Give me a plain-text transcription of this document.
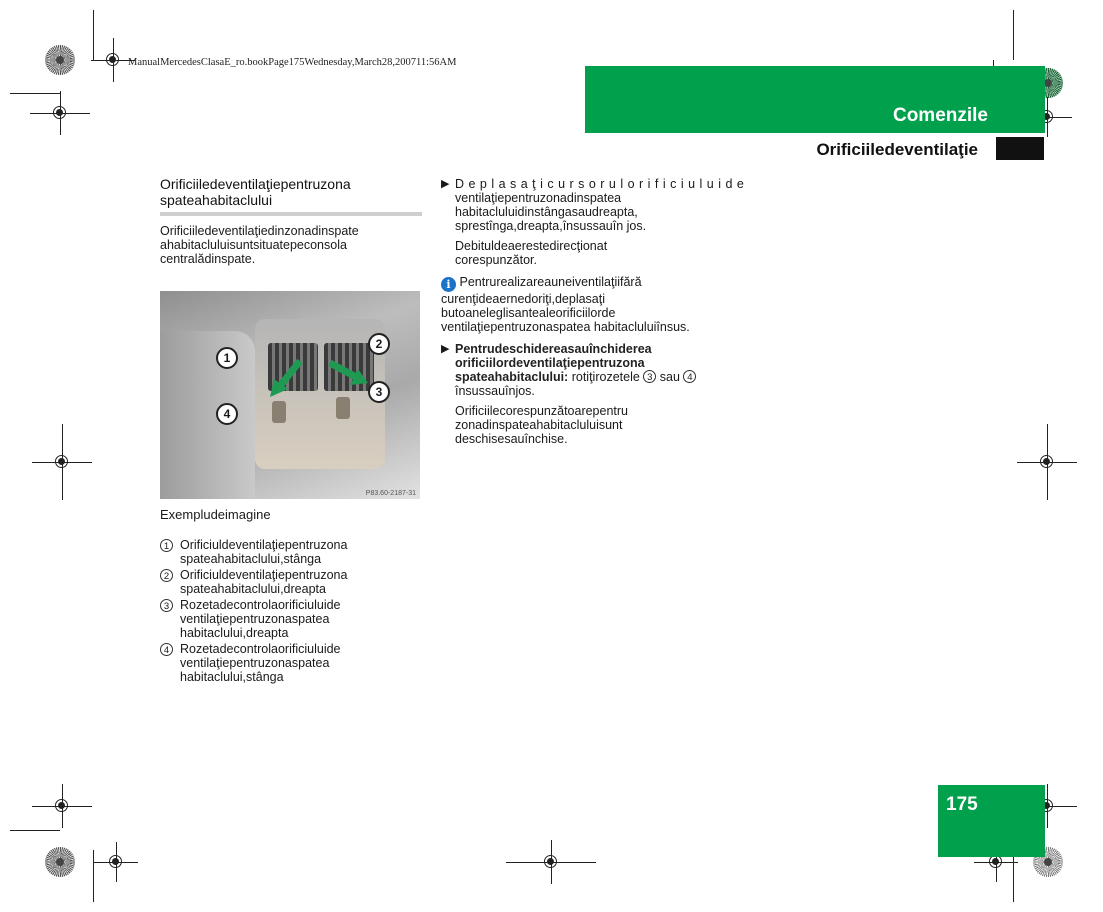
ManualMercedesClasaE_ro.bookPage175Wednesday,March28,200711:56AM
Comenzile
Orificiiledeventilaţie
Orificiiledeventilaţiepentruzona spateahabitaclului
Orificiiledeventilaţiedinzonadinspate ahabitacluluisuntsituatepeconsola centralădinspate.
1
2
3
4
P83.60-2187-31
Exempludeimagine
1 Orificiuldeventilaţiepentruzona spateahabitaclului,stânga
2 Orificiuldeventilaţiepentruzona spateahabitaclului,dreapta
3 Rozetadecontrolaorificiuluide ventilaţiepentruzonaspatea habitaclului,dreapta
4 Rozetadecontrolaorificiuluide ventilaţiepentruzonaspatea habitaclului,stânga
▶ D e p l a s a ţ i c u r s o r u l o r i f i c i u l u i d e

ventilaţiepentruzonadinspatea habitacluluidinstângasaudreapta, sprestînga,dreapta,însussauîn jos.

Debituldeaerestedirecţionat corespunzător.

i Pentrurealizareauneiventilaţiifără curenţideaernedoriţi,deplasaţi butoaneleglisantealeorificiilorde ventilaţiepentruzonaspatea habitacluluiînsus.
▶ Pentrudeschidereasauînchiderea orificiilordeventilaţiepentruzona spateahabitaclului: rotiţirozetele 3 sau 4 însussauînjos.

Orificiilecorespunzătoarepentru zonadinspateahabitacluluisunt deschisesauînchise.

175
